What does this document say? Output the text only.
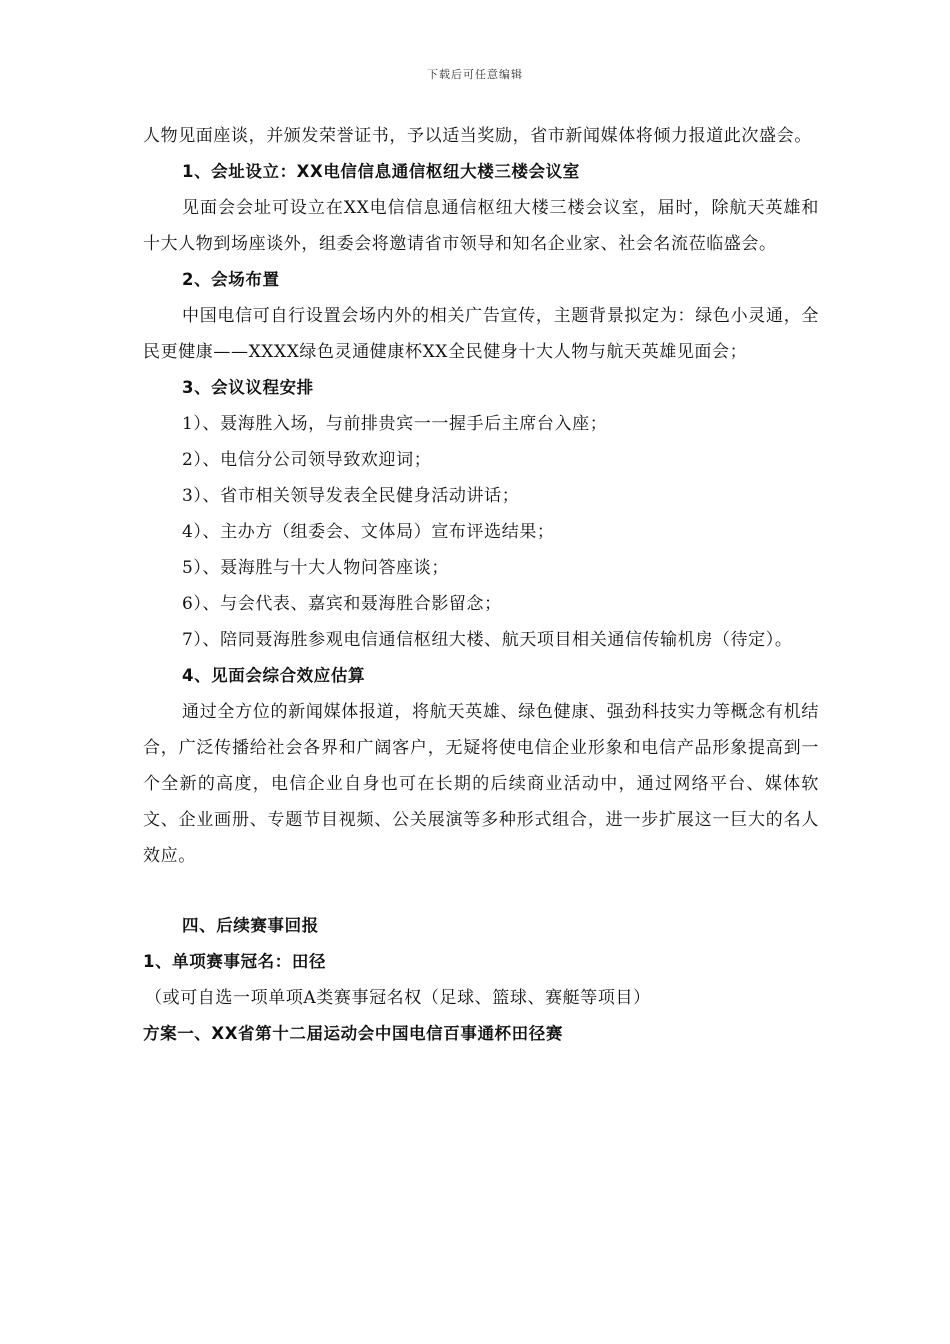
下载后可任意编辑

人物见面座谈，并颁发荣誉证书，予以适当奖励，省市新闻媒体将倾力报道此次盛会。

1、会址设立：XX电信信息通信枢纽大楼三楼会议室

见面会会址可设立在XX电信信息通信枢纽大楼三楼会议室，届时，除航天英雄和十大人物到场座谈外，组委会将邀请省市领导和知名企业家、社会名流莅临盛会。

2、会场布置

中国电信可自行设置会场内外的相关广告宣传，主题背景拟定为：绿色小灵通，全民更健康——XXXX绿色灵通健康杯XX全民健身十大人物与航天英雄见面会；

3、会议议程安排

1）、聂海胜入场，与前排贵宾一一握手后主席台入座；

2）、电信分公司领导致欢迎词；

3）、省市相关领导发表全民健身活动讲话；

4）、主办方（组委会、文体局）宣布评选结果；

5）、聂海胜与十大人物问答座谈；

6）、与会代表、嘉宾和聂海胜合影留念；

7）、陪同聂海胜参观电信通信枢纽大楼、航天项目相关通信传输机房（待定）。

4、见面会综合效应估算

通过全方位的新闻媒体报道，将航天英雄、绿色健康、强劲科技实力等概念有机结合，广泛传播给社会各界和广阔客户，无疑将使电信企业形象和电信产品形象提高到一个全新的高度，电信企业自身也可在长期的后续商业活动中，通过网络平台、媒体软文、企业画册、专题节目视频、公关展演等多种形式组合，进一步扩展这一巨大的名人效应。

四、后续赛事回报

1、单项赛事冠名：田径

（或可自选一项单项A类赛事冠名权（足球、篮球、赛艇等项目）

方案一、XX省第十二届运动会中国电信百事通杯田径赛
